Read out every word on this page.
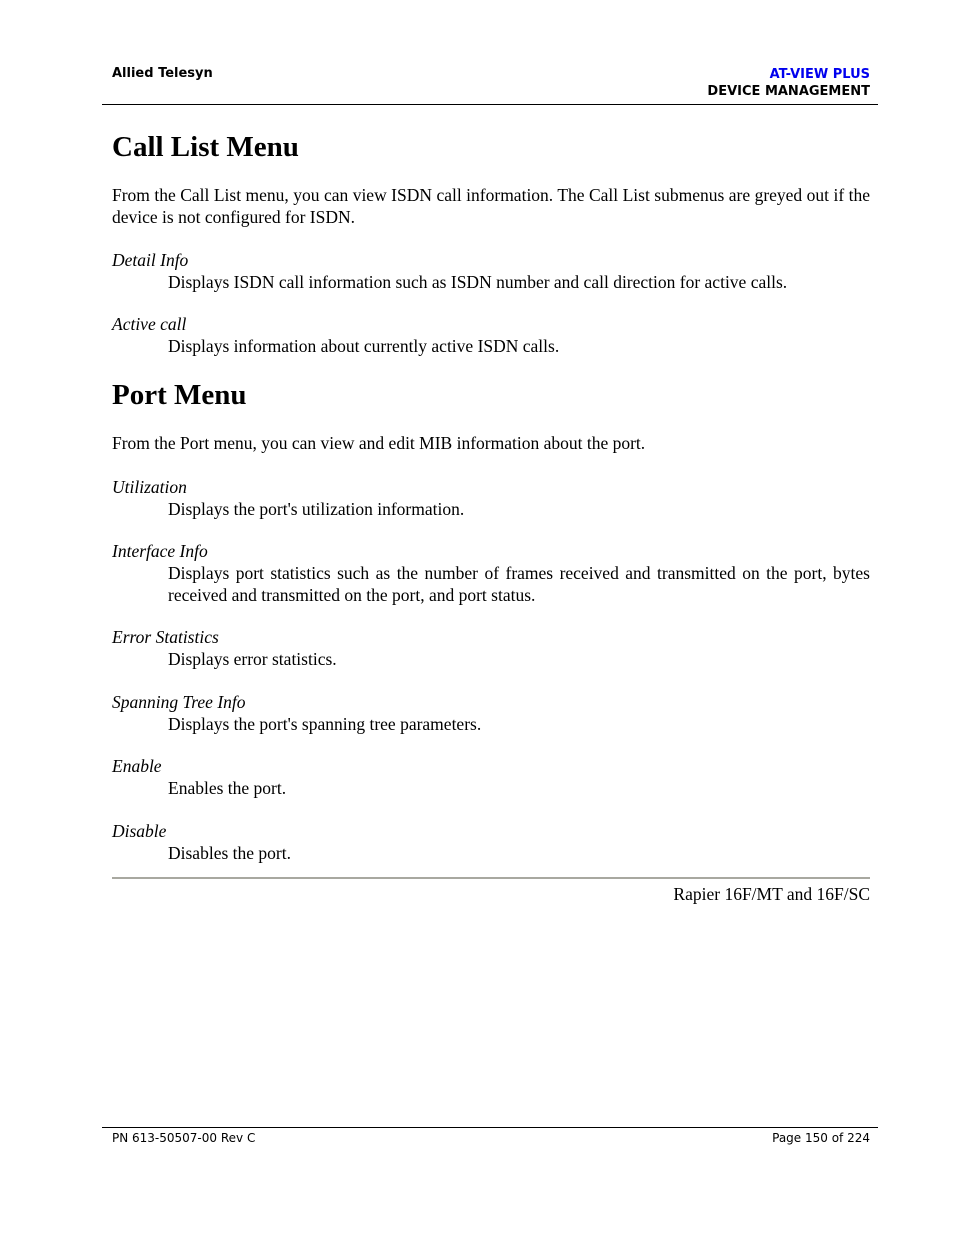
Allied Telesyn	AT-VIEW PLUS
DEVICE MANAGEMENT
Call List Menu

From the Call List menu, you can view ISDN call information. The Call List submenus are greyed out if the device is not configured for ISDN.

Detail Info
Displays ISDN call information such as ISDN number and call direction for active calls.
Active call
Displays information about currently active ISDN calls.
Port Menu

From the Port menu, you can view and edit MIB information about the port.

Utilization
Displays the port's utilization information.
Interface Info
Displays port statistics such as the number of frames received and transmitted on the port, bytes received and transmitted on the port, and port status.
Error Statistics
Displays error statistics.
Spanning Tree Info
Displays the port's spanning tree parameters.
Enable
Enables the port.
Disable
Disables the port.
Rapier 16F/MT and 16F/SC
PN 613-50507-00 Rev C	Page 150 of 224
